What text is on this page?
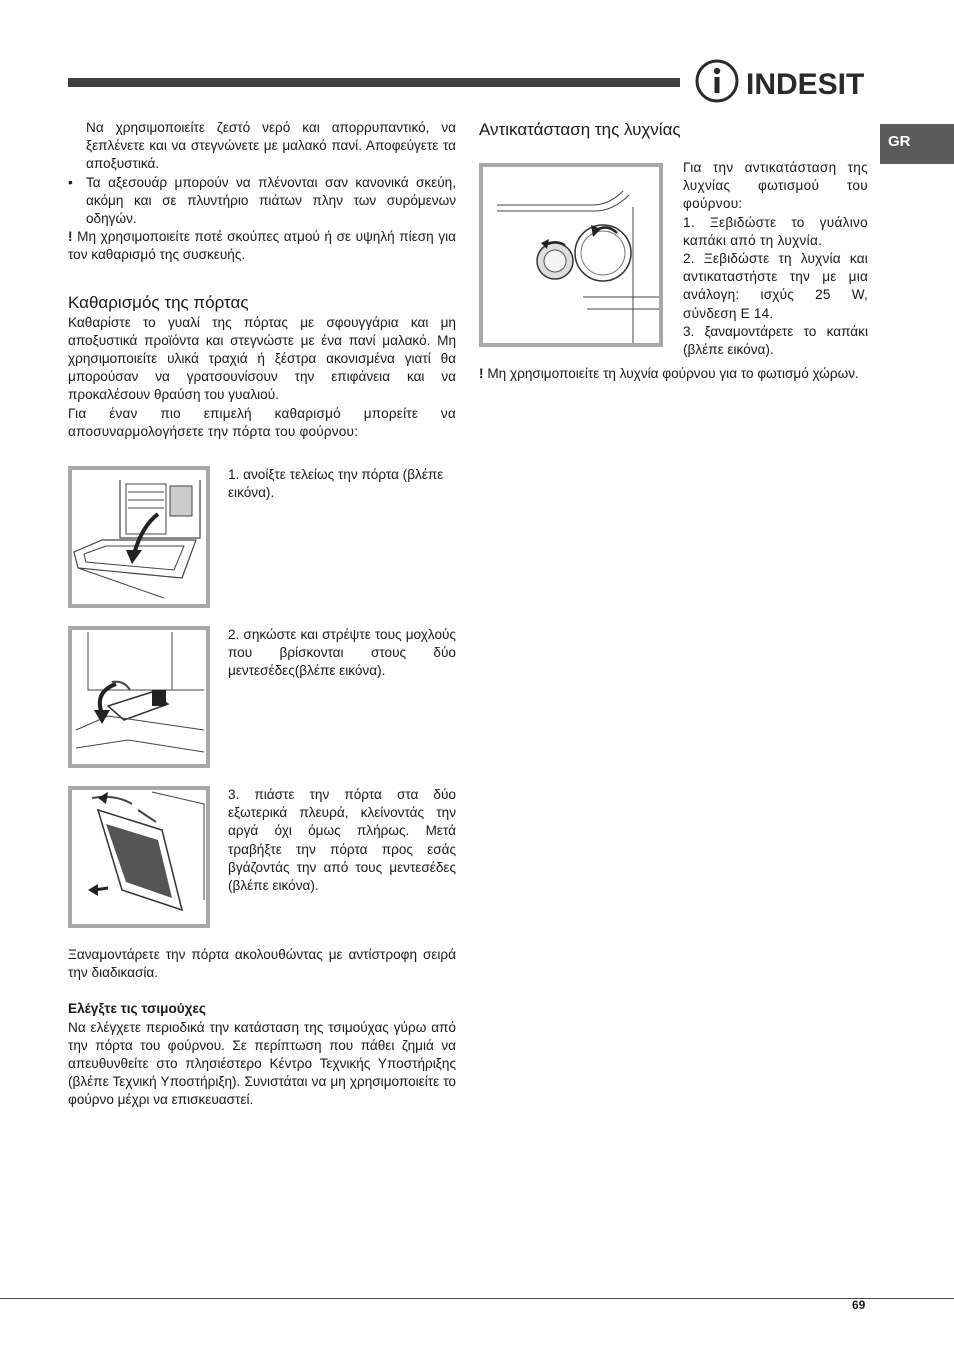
INDESIT
GR

Να χρησιμοποιείτε ζεστό νερό και απορρυπαντικό, να ξεπλένετε και να στεγνώνετε με μαλακό πανί. Αποφεύγετε τα αποξυστικά.

• Τα αξεσουάρ μπορούν να πλένονται σαν κανονικά σκεύη, ακόμη και σε πλυντήριο πιάτων πλην των συρόμενων οδηγών.

! Μη χρησιμοποιείτε ποτέ σκούπες ατμού ή σε υψηλή πίεση για τον καθαρισμό της συσκευής.

Καθαρισμός της πόρτας

Καθαρίστε το γυαλί της πόρτας με σφουγγάρια και μη αποξυστικά προϊόντα και στεγνώστε με ένα πανί μαλακό. Μη χρησιμοποιείτε υλικά τραχιά ή ξέστρα ακονισμένα γιατί θα μπορούσαν να γρατσουνίσουν την επιφάνεια και να προκαλέσουν θραύση του γυαλιού.

Για έναν πιο επιμελή καθαρισμό μπορείτε να αποσυναρμολογήσετε την πόρτα του φούρνου:

1. ανοίξτε τελείως την πόρτα (βλέπε εικόνα).
2. σηκώστε και στρέψτε τους μοχλούς που βρίσκονται στους δύο μεντεσέδες(βλέπε εικόνα).
3. πιάστε την πόρτα στα δύο εξωτερικά πλευρά, κλείνοντάς την αργά όχι όμως πλήρως. Μετά τραβήξτε την πόρτα προς εσάς βγάζοντάς την από τους μεντεσέδες (βλέπε εικόνα).

Ξαναμοντάρετε την πόρτα ακολουθώντας με αντίστροφη σειρά την διαδικασία.

Ελέγξτε τις τσιμούχες

Να ελέγχετε περιοδικά την κατάσταση της τσιμούχας γύρω από την πόρτα του φούρνου. Σε περίπτωση που πάθει ζημιά να απευθυνθείτε στο πλησιέστερο Κέντρο Τεχνικής Υποστήριξης (βλέπε Τεχνική Υποστήριξη). Συνιστάται να μη χρησιμοποιείτε το φούρνο μέχρι να επισκευαστεί.

Αντικατάσταση της λυχνίας

Για την αντικατάσταση της λυχνίας φωτισμού του φούρνου:

1. Ξεβιδώστε το γυάλινο καπάκι από τη λυχνία.

2. Ξεβιδώστε τη λυχνία και αντικαταστήστε την με μια ανάλογη: ισχύς 25 W, σύνδεση E 14.

3. ξαναμοντάρετε το καπάκι (βλέπε εικόνα).

! Μη χρησιμοποιείτε τη λυχνία φούρνου για το φωτισμό χώρων.

69
